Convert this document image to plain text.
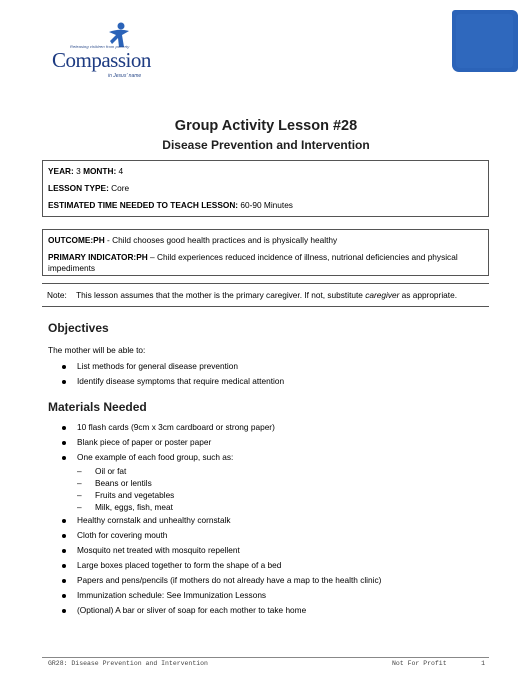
Releasing children from poverty
Compassion
in Jesus' name
Group Activity Lesson #28
Disease Prevention and Intervention
YEAR: 3 MONTH: 4
LESSON TYPE: Core
ESTIMATED TIME NEEDED TO TEACH LESSON: 60-90 Minutes
OUTCOME:PH - Child chooses good health practices and is physically healthy
PRIMARY INDICATOR:PH – Child experiences reduced incidence of illness, nutrional deficiencies and physical impediments
Note: This lesson assumes that the mother is the primary caregiver. If not, substitute caregiver as appropriate.
Objectives
The mother will be able to:
List methods for general disease prevention
Identify disease symptoms that require medical attention
Materials Needed
10 flash cards (9cm x 3cm cardboard or strong paper)
Blank piece of paper or poster paper
One example of each food group, such as:
– Oil or fat
– Beans or lentils
– Fruits and vegetables
– Milk, eggs, fish, meat
Healthy cornstalk and unhealthy cornstalk
Cloth for covering mouth
Mosquito net treated with mosquito repellent
Large boxes placed together to form the shape of a bed
Papers and pens/pencils (if mothers do not already have a map to the health clinic)
Immunization schedule: See Immunization Lessons
(Optional) A bar or sliver of soap for each mother to take home
GR28: Disease Prevention and Intervention	Not For Profit	1
